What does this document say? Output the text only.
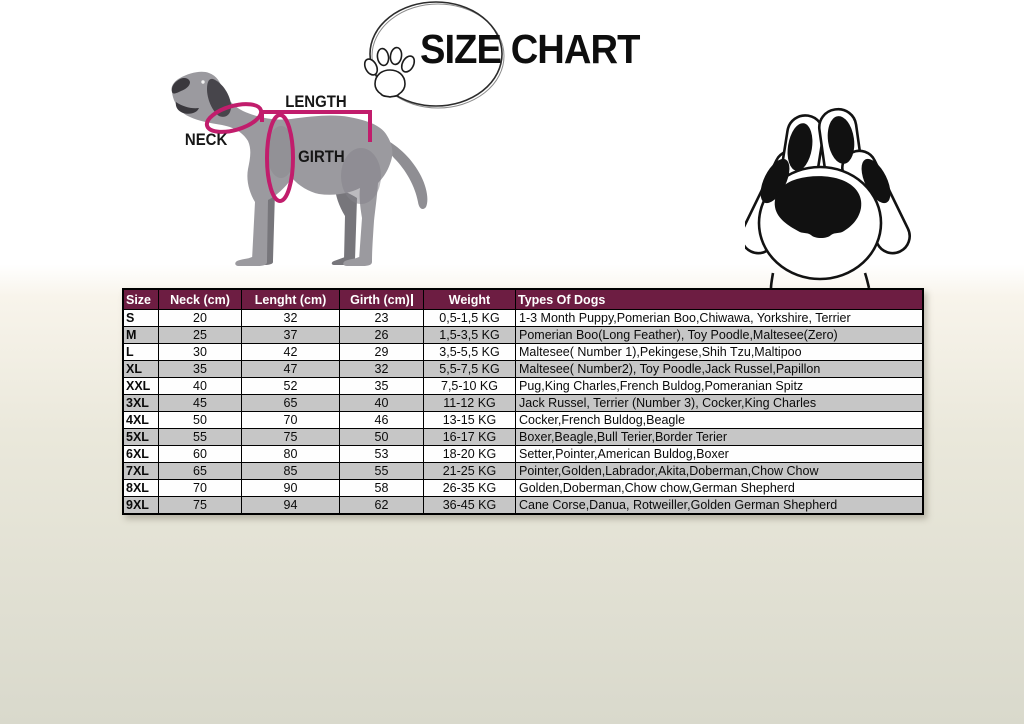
SIZE CHART
LENGTH
NECK
GIRTH
Size	Neck (cm)	Lenght (cm)	Girth (cm)	Weight	Types Of Dogs
S	20	32	23	0,5-1,5 KG	1-3 Month Puppy,Pomerian Boo,Chiwawa, Yorkshire, Terrier
M	25	37	26	1,5-3,5 KG	Pomerian Boo(Long Feather), Toy Poodle,Maltesee(Zero)
L	30	42	29	3,5-5,5 KG	Maltesee( Number 1),Pekingese,Shih Tzu,Maltipoo
XL	35	47	32	5,5-7,5 KG	Maltesee( Number2), Toy Poodle,Jack Russel,Papillon
XXL	40	52	35	7,5-10 KG	Pug,King Charles,French Buldog,Pomeranian Spitz
3XL	45	65	40	11-12 KG	Jack Russel, Terrier (Number 3), Cocker,King Charles
4XL	50	70	46	13-15 KG	Cocker,French Buldog,Beagle
5XL	55	75	50	16-17 KG	Boxer,Beagle,Bull Terier,Border Terier
6XL	60	80	53	18-20 KG	Setter,Pointer,American Buldog,Boxer
7XL	65	85	55	21-25 KG	Pointer,Golden,Labrador,Akita,Doberman,Chow Chow
8XL	70	90	58	26-35 KG	Golden,Doberman,Chow chow,German Shepherd
9XL	75	94	62	36-45 KG	Cane Corse,Danua, Rotweiller,Golden German Shepherd
